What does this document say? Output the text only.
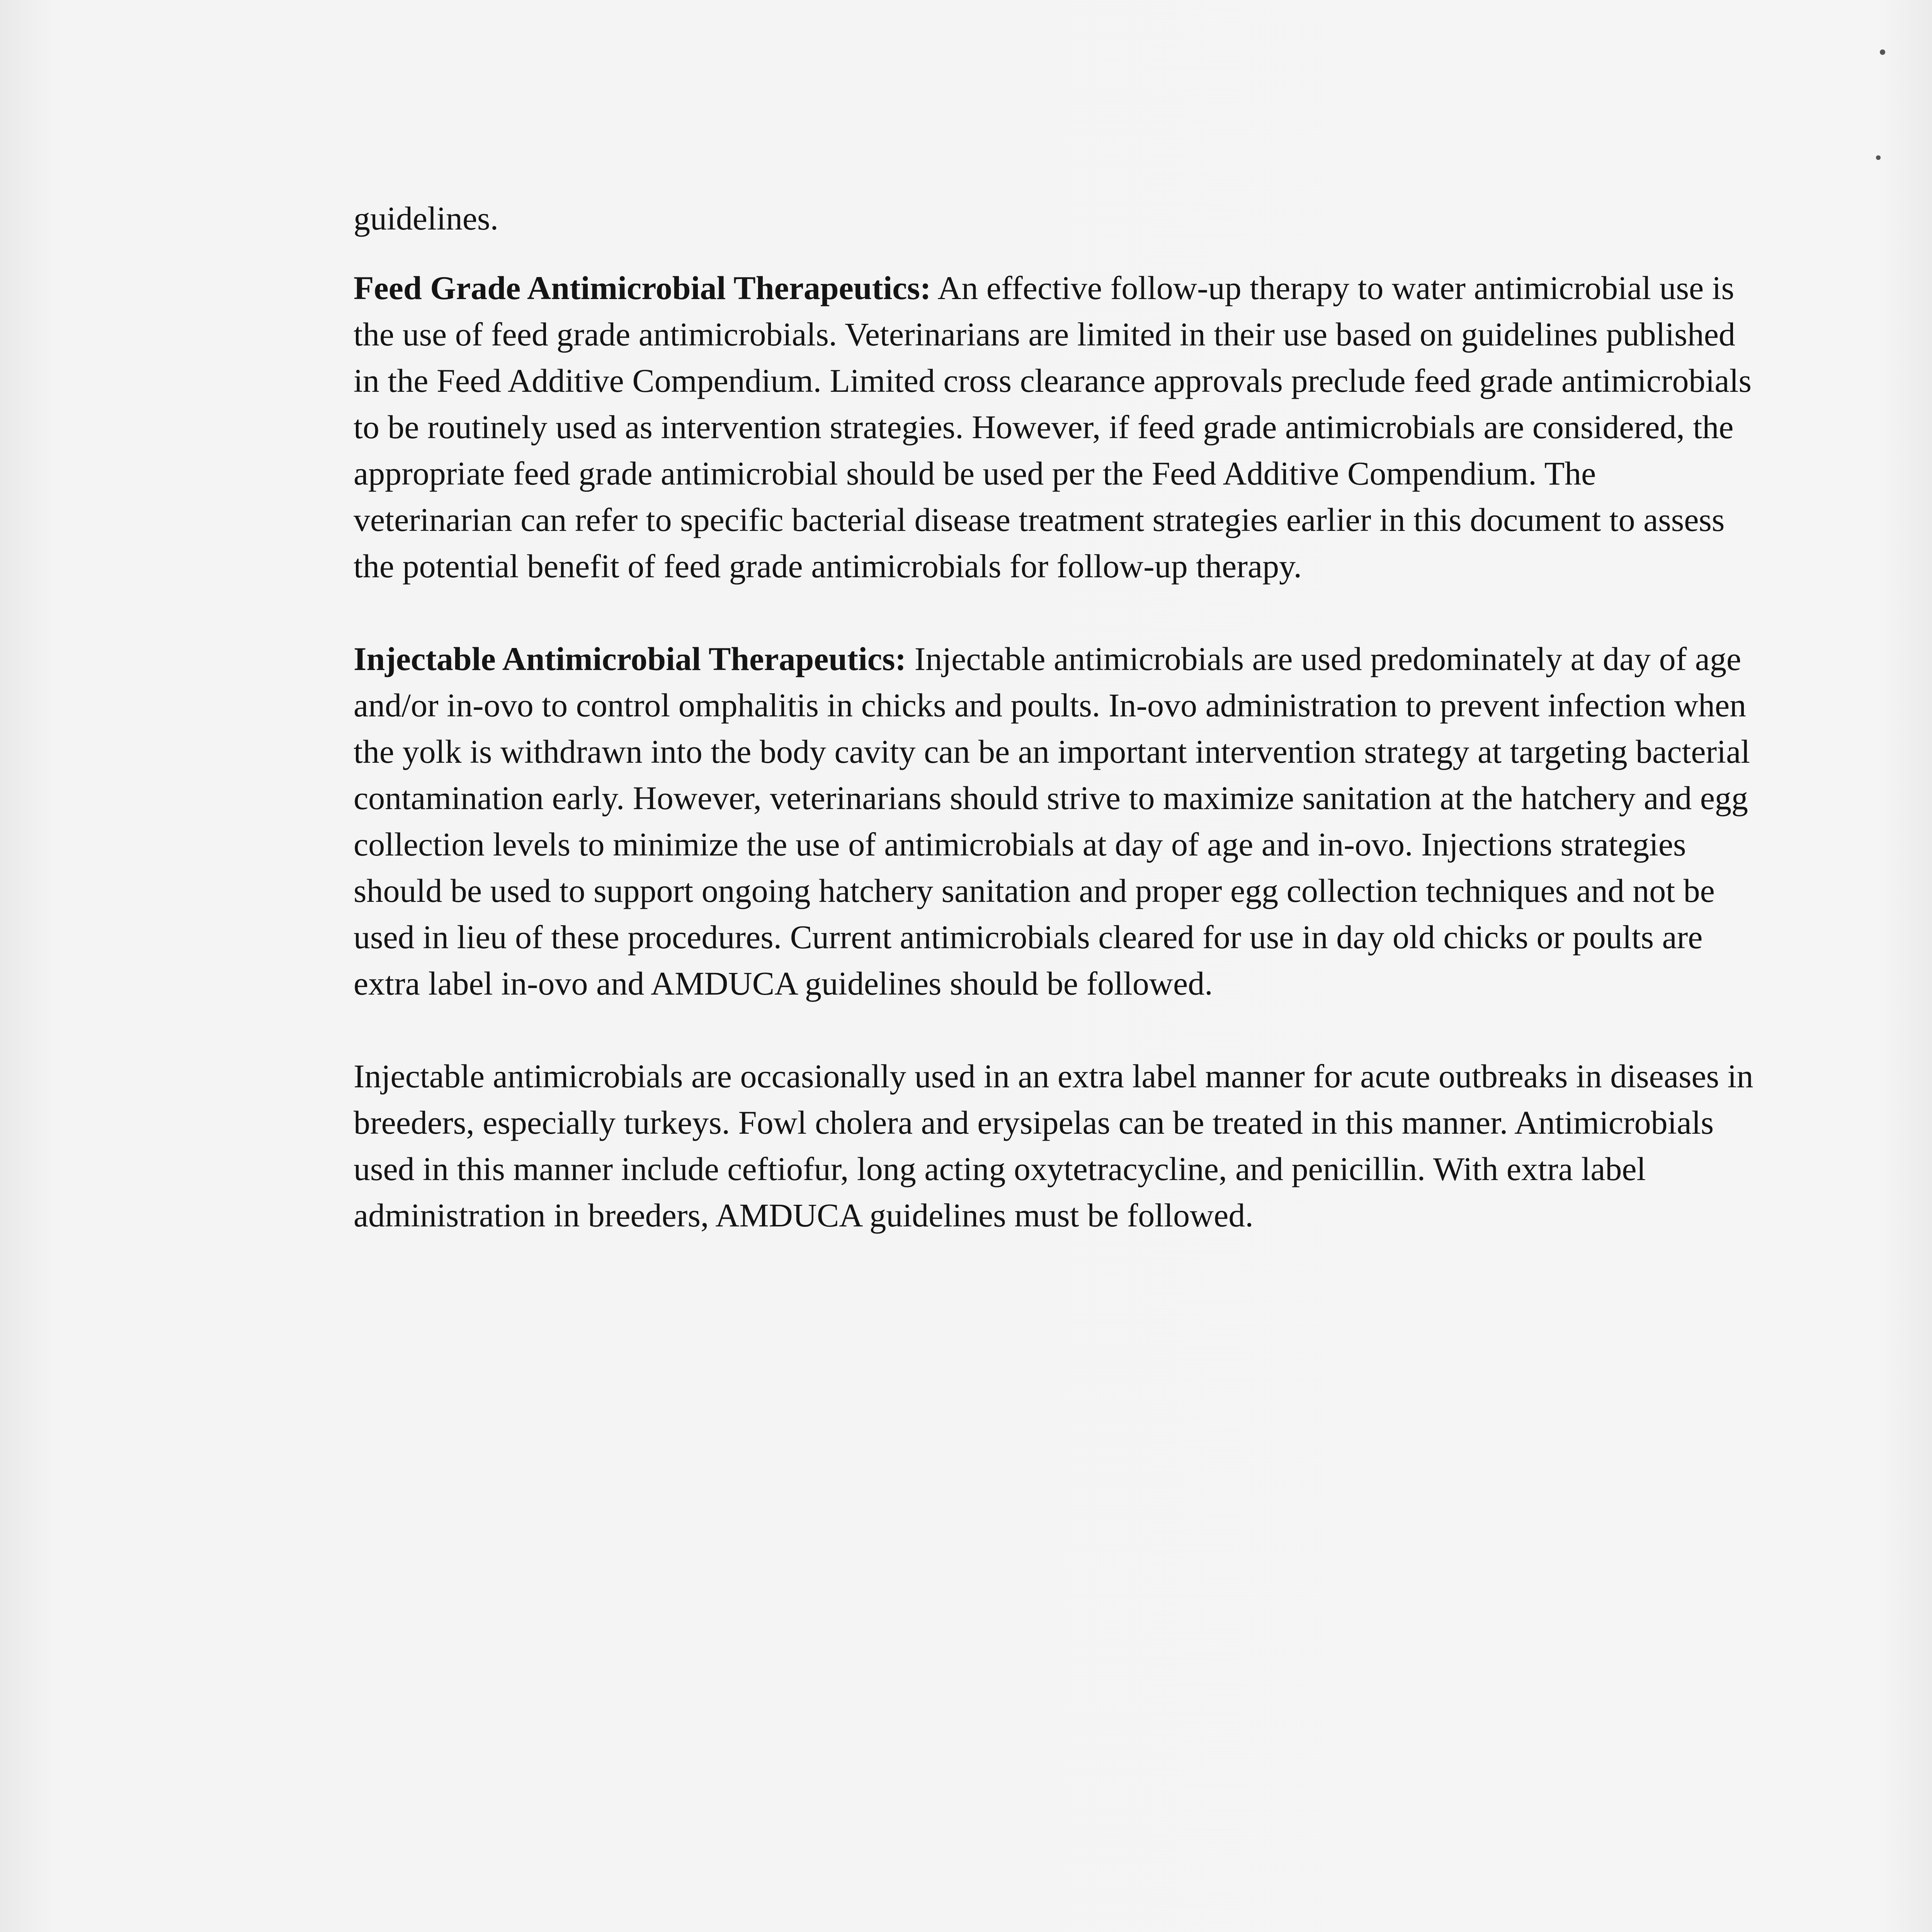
guidelines.

Feed Grade Antimicrobial Therapeutics: An effective follow-up therapy to water antimicrobial use is the use of feed grade antimicrobials. Veterinarians are limited in their use based on guidelines published in the Feed Additive Compendium. Limited cross clearance approvals preclude feed grade antimicrobials to be routinely used as intervention strategies. However, if feed grade antimicrobials are considered, the appropriate feed grade antimicrobial should be used per the Feed Additive Compendium. The veterinarian can refer to specific bacterial disease treatment strategies earlier in this document to assess the potential benefit of feed grade antimicrobials for follow-up therapy.

Injectable Antimicrobial Therapeutics: Injectable antimicrobials are used predominately at day of age and/or in-ovo to control omphalitis in chicks and poults. In-ovo administration to prevent infection when the yolk is withdrawn into the body cavity can be an important intervention strategy at targeting bacterial contamination early. However, veterinarians should strive to maximize sanitation at the hatchery and egg collection levels to minimize the use of antimicrobials at day of age and in-ovo. Injections strategies should be used to support ongoing hatchery sanitation and proper egg collection techniques and not be used in lieu of these procedures. Current antimicrobials cleared for use in day old chicks or poults are extra label in-ovo and AMDUCA guidelines should be followed.

Injectable antimicrobials are occasionally used in an extra label manner for acute outbreaks in diseases in breeders, especially turkeys. Fowl cholera and erysipelas can be treated in this manner. Antimicrobials used in this manner include ceftiofur, long acting oxytetracycline, and penicillin. With extra label administration in breeders, AMDUCA guidelines must be followed.
